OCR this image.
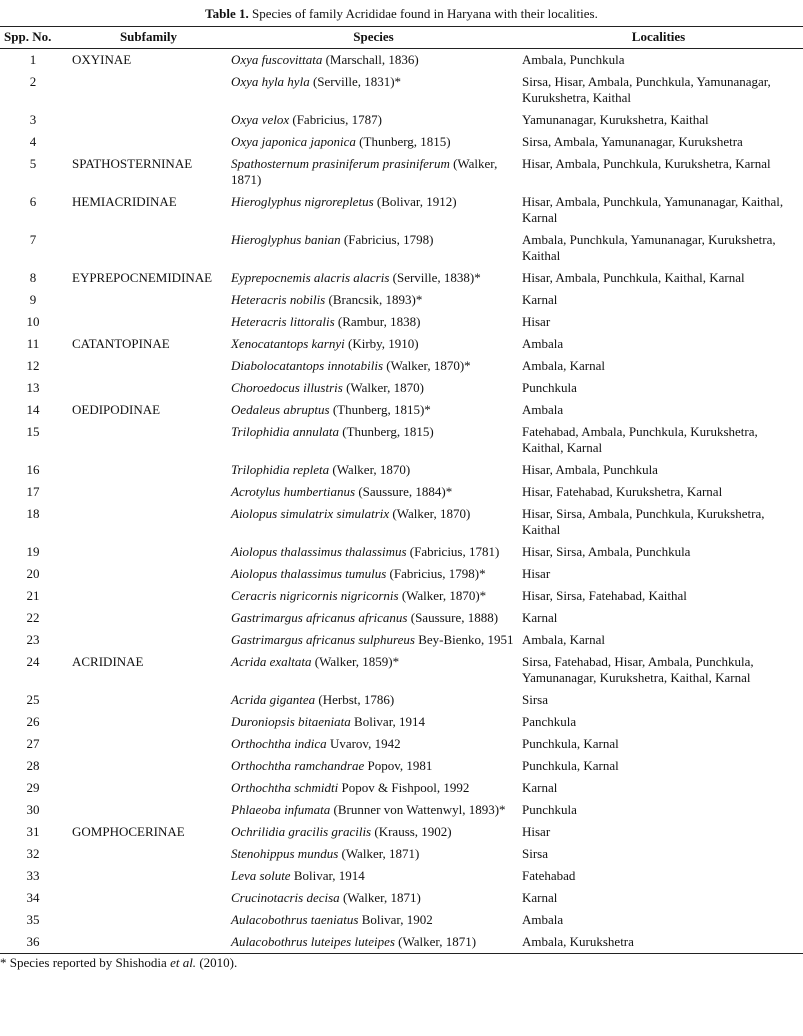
Table 1. Species of family Acrididae found in Haryana with their localities.
Spp. No.	Subfamily	Species	Localities
1	OXYINAE	Oxya fuscovittata (Marschall, 1836)	Ambala, Punchkula
2		Oxya hyla hyla (Serville, 1831)*	Sirsa, Hisar, Ambala, Punchkula, Yamunanagar, Kurukshetra, Kaithal
3		Oxya velox (Fabricius, 1787)	Yamunanagar, Kurukshetra, Kaithal
4		Oxya japonica japonica (Thunberg, 1815)	Sirsa, Ambala, Yamunanagar, Kurukshetra
5	SPATHOSTERNINAE	Spathosternum prasiniferum prasiniferum (Walker, 1871)	Hisar, Ambala, Punchkula, Kurukshetra, Karnal
6	HEMIACRIDINAE	Hieroglyphus nigrorepletus (Bolivar, 1912)	Hisar, Ambala, Punchkula, Yamunanagar, Kaithal, Karnal
7		Hieroglyphus banian (Fabricius, 1798)	Ambala, Punchkula, Yamunanagar, Kurukshetra, Kaithal
8	EYPREPOCNEMIDINAE	Eyprepocnemis alacris alacris (Serville, 1838)*	Hisar, Ambala, Punchkula, Kaithal, Karnal
9		Heteracris nobilis (Brancsik, 1893)*	Karnal
10		Heteracris littoralis (Rambur, 1838)	Hisar
11	CATANTOPINAE	Xenocatantops karnyi (Kirby, 1910)	Ambala
12		Diabolocatantops innotabilis (Walker, 1870)*	Ambala, Karnal
13		Choroedocus illustris (Walker, 1870)	Punchkula
14	OEDIPODINAE	Oedaleus abruptus (Thunberg, 1815)*	Ambala
15		Trilophidia annulata (Thunberg, 1815)	Fatehabad, Ambala, Punchkula, Kurukshetra, Kaithal, Karnal
16		Trilophidia repleta (Walker, 1870)	Hisar, Ambala, Punchkula
17		Acrotylus humbertianus (Saussure, 1884)*	Hisar, Fatehabad, Kurukshetra, Karnal
18		Aiolopus simulatrix simulatrix (Walker, 1870)	Hisar, Sirsa, Ambala, Punchkula, Kurukshetra, Kaithal
19		Aiolopus thalassimus thalassimus (Fabricius, 1781)	Hisar, Sirsa, Ambala, Punchkula
20		Aiolopus thalassimus tumulus (Fabricius, 1798)*	Hisar
21		Ceracris nigricornis nigricornis (Walker, 1870)*	Hisar, Sirsa, Fatehabad, Kaithal
22		Gastrimargus africanus africanus (Saussure, 1888)	Karnal
23		Gastrimargus africanus sulphureus Bey-Bienko, 1951	Ambala, Karnal
24	ACRIDINAE	Acrida exaltata (Walker, 1859)*	Sirsa, Fatehabad, Hisar, Ambala, Punchkula, Yamunanagar, Kurukshetra, Kaithal, Karnal
25		Acrida gigantea (Herbst, 1786)	Sirsa
26		Duroniopsis bitaeniata Bolivar, 1914	Panchkula
27		Orthochtha indica Uvarov, 1942	Punchkula, Karnal
28		Orthochtha ramchandrae Popov, 1981	Punchkula, Karnal
29		Orthochtha schmidti Popov & Fishpool, 1992	Karnal
30		Phlaeoba infumata (Brunner von Wattenwyl, 1893)*	Punchkula
31	GOMPHOCERINAE	Ochrilidia gracilis gracilis (Krauss, 1902)	Hisar
32		Stenohippus mundus (Walker, 1871)	Sirsa
33		Leva solute Bolivar, 1914	Fatehabad
34		Crucinotacris decisa (Walker, 1871)	Karnal
35		Aulacobothrus taeniatus Bolivar, 1902	Ambala
36		Aulacobothrus luteipes luteipes (Walker, 1871)	Ambala, Kurukshetra
* Species reported by Shishodia et al. (2010).
